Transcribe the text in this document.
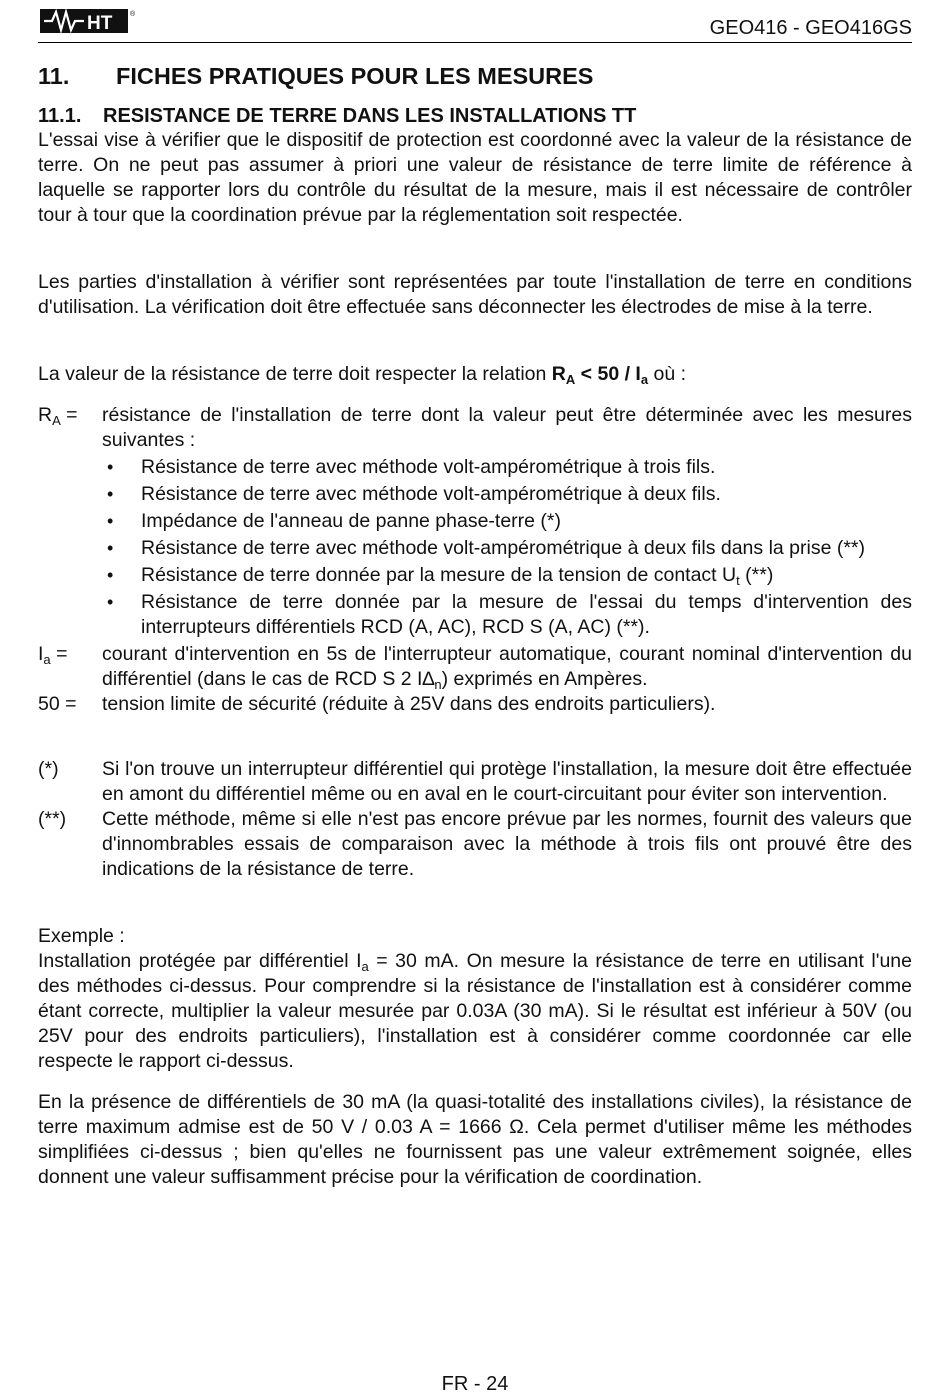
HT	®
GEO416 - GEO416GS
11. FICHES PRATIQUES POUR LES MESURES
11.1. RESISTANCE DE TERRE DANS LES INSTALLATIONS TT
L'essai vise à vérifier que le dispositif de protection est coordonné avec la valeur de la résistance de terre. On ne peut pas assumer à priori une valeur de résistance de terre limite de référence à laquelle se rapporter lors du contrôle du résultat de la mesure, mais il est nécessaire de contrôler tour à tour que la coordination prévue par la réglementation soit respectée.
Les parties d'installation à vérifier sont représentées par toute l'installation de terre en conditions d'utilisation. La vérification doit être effectuée sans déconnecter les électrodes de mise à la terre.
La valeur de la résistance de terre doit respecter la relation $R_A < 50 / I_a$ où :
$R_A$ =	résistance de l'installation de terre dont la valeur peut être déterminée avec les mesures suivantes :
• Résistance de terre avec méthode volt-ampérométrique à trois fils.
• Résistance de terre avec méthode volt-ampérométrique à deux fils.
• Impédance de l'anneau de panne phase-terre (*)
• Résistance de terre avec méthode volt-ampérométrique à deux fils dans la prise (**)
• Résistance de terre donnée par la mesure de la tension de contact $U_t$ (**)
• Résistance de terre donnée par la mesure de l'essai du temps d'intervention des interrupteurs différentiels RCD (A, AC), RCD S (A, AC) (**).
$I_a$ =	courant d'intervention en 5s de l'interrupteur automatique, courant nominal d'intervention du différentiel (dans le cas de RCD S 2 $I\Delta_n$) exprimés en Ampères.
50 =	tension limite de sécurité (réduite à 25V dans des endroits particuliers).
(*)	Si l'on trouve un interrupteur différentiel qui protège l'installation, la mesure doit être effectuée en amont du différentiel même ou en aval en le court-circuitant pour éviter son intervention.
(**)	Cette méthode, même si elle n'est pas encore prévue par les normes, fournit des valeurs que d'innombrables essais de comparaison avec la méthode à trois fils ont prouvé être des indications de la résistance de terre.
Exemple :
Installation protégée par différentiel $I_a = 30$ mA. On mesure la résistance de terre en utilisant l'une des méthodes ci-dessus. Pour comprendre si la résistance de l'installation est à considérer comme étant correcte, multiplier la valeur mesurée par 0.03A (30 mA). Si le résultat est inférieur à 50V (ou 25V pour des endroits particuliers), l'installation est à considérer comme coordonnée car elle respecte le rapport ci-dessus.
En la présence de différentiels de 30 mA (la quasi-totalité des installations civiles), la résistance de terre maximum admise est de 50 V / 0.03 A = 1666 Ω. Cela permet d'utiliser même les méthodes simplifiées ci-dessus ; bien qu'elles ne fournissent pas une valeur extrêmement soignée, elles donnent une valeur suffisamment précise pour la vérification de coordination.
FR - 24
